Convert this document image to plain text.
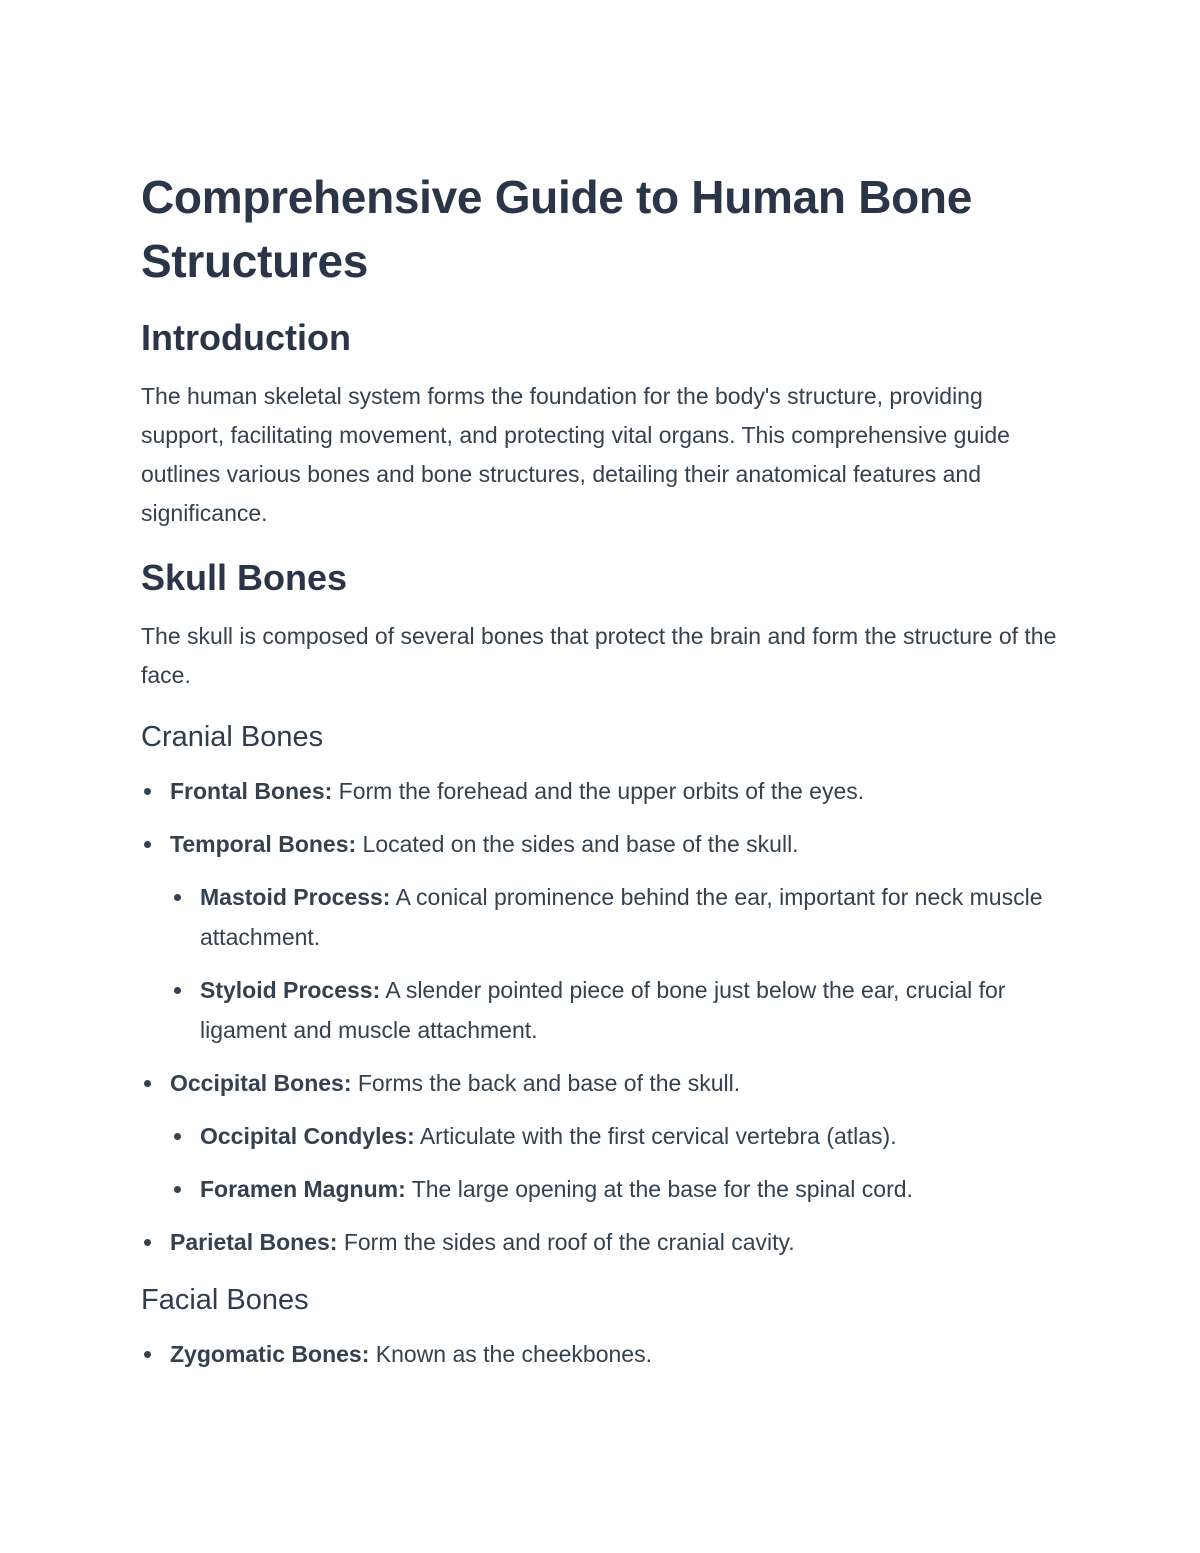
Comprehensive Guide to Human Bone Structures
Introduction

The human skeletal system forms the foundation for the body's structure, providing support, facilitating movement, and protecting vital organs. This comprehensive guide outlines various bones and bone structures, detailing their anatomical features and significance.

Skull Bones

The skull is composed of several bones that protect the brain and form the structure of the face.

Cranial Bones
Frontal Bones: Form the forehead and the upper orbits of the eyes.
Temporal Bones: Located on the sides and base of the skull.
Mastoid Process: A conical prominence behind the ear, important for neck muscle attachment.
Styloid Process: A slender pointed piece of bone just below the ear, crucial for ligament and muscle attachment.
Occipital Bones: Forms the back and base of the skull.
Occipital Condyles: Articulate with the first cervical vertebra (atlas).
Foramen Magnum: The large opening at the base for the spinal cord.
Parietal Bones: Form the sides and roof of the cranial cavity.
Facial Bones
Zygomatic Bones: Known as the cheekbones.
